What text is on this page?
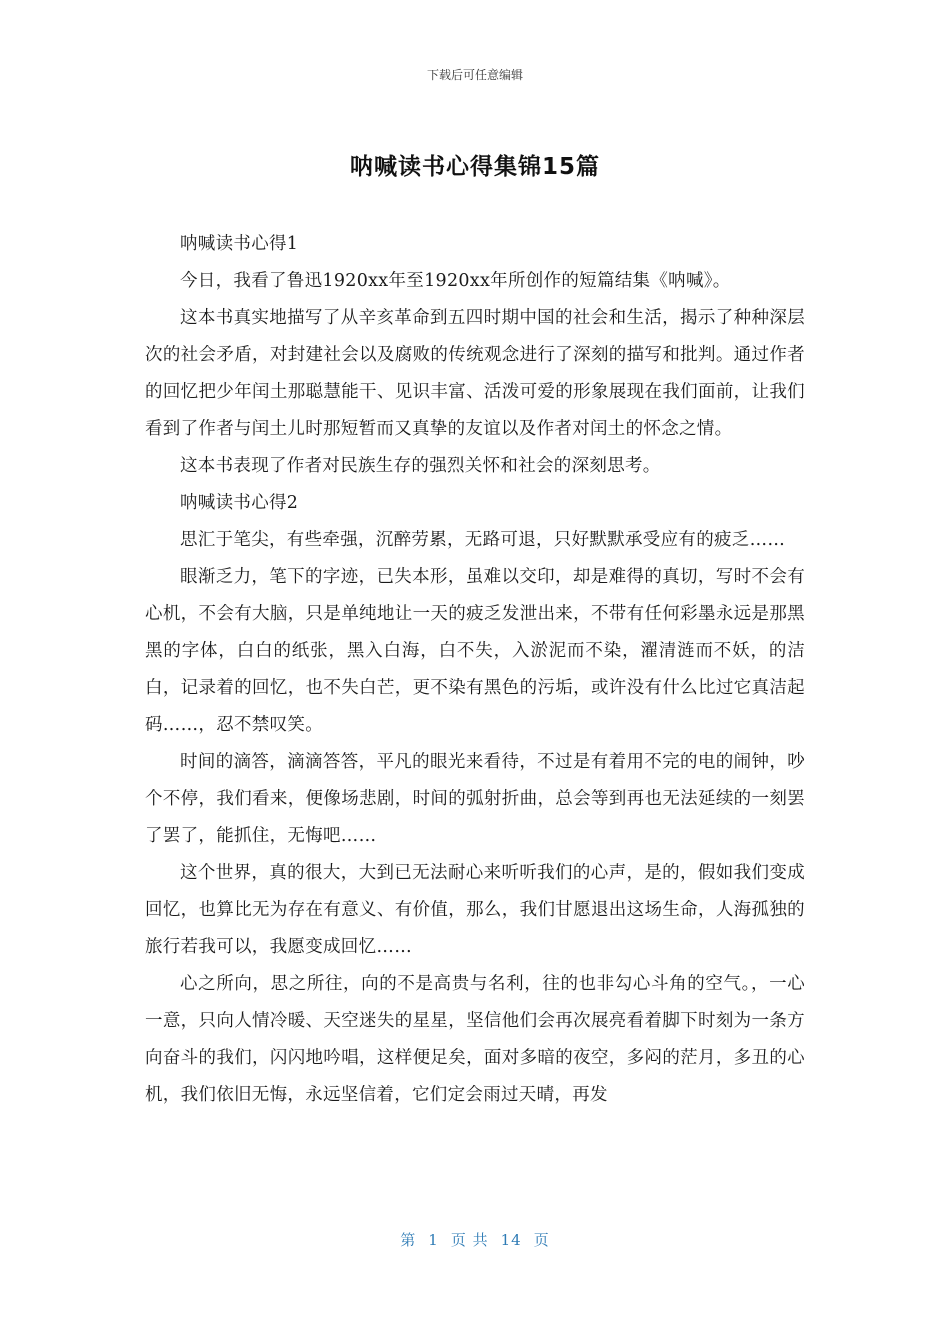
下载后可任意编辑
呐喊读书心得集锦15篇

呐喊读书心得1

今日，我看了鲁迅1920xx年至1920xx年所创作的短篇结集《呐喊》。

这本书真实地描写了从辛亥革命到五四时期中国的社会和生活，揭示了种种深层次的社会矛盾，对封建社会以及腐败的传统观念进行了深刻的描写和批判。通过作者的回忆把少年闰土那聪慧能干、见识丰富、活泼可爱的形象展现在我们面前，让我们看到了作者与闰土儿时那短暂而又真挚的友谊以及作者对闰土的怀念之情。

这本书表现了作者对民族生存的强烈关怀和社会的深刻思考。

呐喊读书心得2

思汇于笔尖，有些牵强，沉醉劳累，无路可退，只好默默承受应有的疲乏……

眼渐乏力，笔下的字迹，已失本形，虽难以交印，却是难得的真切，写时不会有心机，不会有大脑，只是单纯地让一天的疲乏发泄出来，不带有任何彩墨永远是那黑黑的字体，白白的纸张，黑入白海，白不失，入淤泥而不染，濯清涟而不妖，的洁白，记录着的回忆，也不失白芒，更不染有黑色的污垢，或许没有什么比过它真洁起码……，忍不禁叹笑。

时间的滴答，滴滴答答，平凡的眼光来看待，不过是有着用不完的电的闹钟，吵个不停，我们看来，便像场悲剧，时间的弧射折曲，总会等到再也无法延续的一刻罢了罢了，能抓住，无悔吧……

这个世界，真的很大，大到已无法耐心来听听我们的心声，是的，假如我们变成回忆，也算比无为存在有意义、有价值，那么，我们甘愿退出这场生命，人海孤独的旅行若我可以，我愿变成回忆……

心之所向，思之所往，向的不是高贵与名利，往的也非勾心斗角的空气。，一心一意，只向人情冷暖、天空迷失的星星，坚信他们会再次展亮看着脚下时刻为一条方向奋斗的我们，闪闪地吟唱，这样便足矣，面对多暗的夜空，多闷的茫月，多丑的心机，我们依旧无悔，永远坚信着，它们定会雨过天晴，再发

第 1 页 共 14 页
